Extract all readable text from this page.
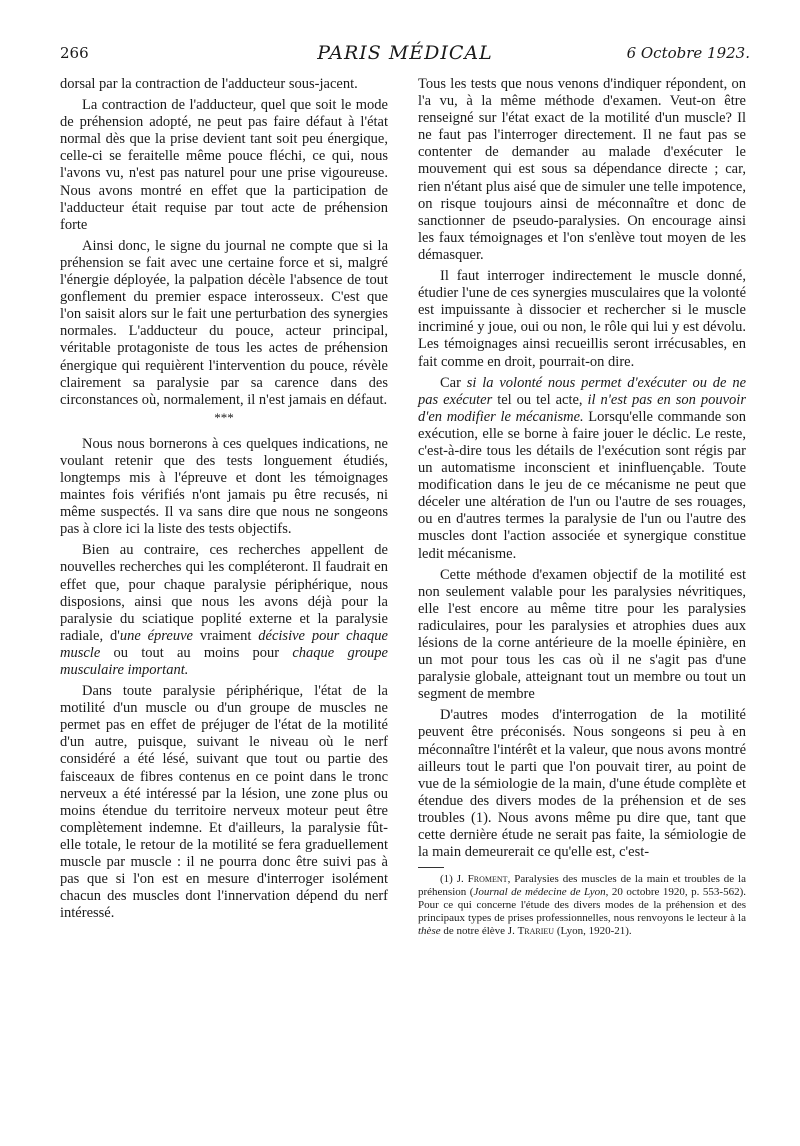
266	PARIS MÉDICAL	6 Octobre 1923.

dorsal par la contraction de l'adducteur sous-jacent.

La contraction de l'adducteur, quel que soit le mode de préhension adopté, ne peut pas faire défaut à l'état normal dès que la prise devient tant soit peu énergique, celle-ci se feraitelle même pouce fléchi, ce qui, nous l'avons vu, n'est pas naturel pour une prise vigoureuse. Nous avons montré en effet que la participation de l'adducteur était requise par tout acte de préhension forte

Ainsi donc, le signe du journal ne compte que si la préhension se fait avec une certaine force et si, malgré l'énergie déployée, la palpation décèle l'absence de tout gonflement du premier espace interosseux. C'est que l'on saisit alors sur le fait une perturbation des synergies normales. L'adducteur du pouce, acteur principal, véritable protagoniste de tous les actes de préhension énergique qui requièrent l'intervention du pouce, révèle clairement sa paralysie par sa carence dans des circonstances où, normalement, il n'est jamais en défaut.

***

Nous nous bornerons à ces quelques indications, ne voulant retenir que des tests longuement étudiés, longtemps mis à l'épreuve et dont les témoignages maintes fois vérifiés n'ont jamais pu être recusés, ni même suspectés. Il va sans dire que nous ne songeons pas à clore ici la liste des tests objectifs.

Bien au contraire, ces recherches appellent de nouvelles recherches qui les compléteront. Il faudrait en effet que, pour chaque paralysie périphérique, nous disposions, ainsi que nous les avons déjà pour la paralysie du sciatique poplité externe et la paralysie radiale, d'une épreuve vraiment décisive pour chaque muscle ou tout au moins pour chaque groupe musculaire important.

Dans toute paralysie périphérique, l'état de la motilité d'un muscle ou d'un groupe de muscles ne permet pas en effet de préjuger de l'état de la motilité d'un autre, puisque, suivant le niveau où le nerf considéré a été lésé, suivant que tout ou partie des faisceaux de fibres contenus en ce point dans le tronc nerveux a été intéressé par la lésion, une zone plus ou moins étendue du territoire nerveux moteur peut être complètement indemne. Et d'ailleurs, la paralysie fût-elle totale, le retour de la motilité se fera graduellement muscle par muscle : il ne pourra donc être suivi pas à pas que si l'on est en mesure d'interroger isolément chacun des muscles dont l'innervation dépend du nerf intéressé.

Tous les tests que nous venons d'indiquer répondent, on l'a vu, à la même méthode d'examen. Veut-on être renseigné sur l'état exact de la motilité d'un muscle? Il ne faut pas l'interroger directement. Il ne faut pas se contenter de demander au malade d'exécuter le mouvement qui est sous sa dépendance directe ; car, rien n'étant plus aisé que de simuler une telle impotence, on risque toujours ainsi de méconnaître et donc de sanctionner de pseudo-paralysies. On encourage ainsi les faux témoignages et l'on s'enlève tout moyen de les démasquer.

Il faut interroger indirectement le muscle donné, étudier l'une de ces synergies musculaires que la volonté est impuissante à dissocier et rechercher si le muscle incriminé y joue, oui ou non, le rôle qui lui y est dévolu. Les témoignages ainsi recueillis seront irrécusables, en fait comme en droit, pourrait-on dire.

Car si la volonté nous permet d'exécuter ou de ne pas exécuter tel ou tel acte, il n'est pas en son pouvoir d'en modifier le mécanisme. Lorsqu'elle commande son exécution, elle se borne à faire jouer le déclic. Le reste, c'est-à-dire tous les détails de l'exécution sont régis par un automatisme inconscient et ininfluençable. Toute modification dans le jeu de ce mécanisme ne peut que déceler une altération de l'un ou l'autre de ses rouages, ou en d'autres termes la paralysie de l'un ou l'autre des muscles dont l'action associée et synergique constitue ledit mécanisme.

Cette méthode d'examen objectif de la motilité est non seulement valable pour les paralysies névritiques, elle l'est encore au même titre pour les paralysies radiculaires, pour les paralysies et atrophies dues aux lésions de la corne antérieure de la moelle épinière, en un mot pour tous les cas où il ne s'agit pas d'une paralysie globale, atteignant tout un membre ou tout un segment de membre

D'autres modes d'interrogation de la motilité peuvent être préconisés. Nous songeons si peu à en méconnaître l'intérêt et la valeur, que nous avons montré ailleurs tout le parti que l'on pouvait tirer, au point de vue de la sémiologie de la main, d'une étude complète et étendue des divers modes de la préhension et de ses troubles (1). Nous avons même pu dire que, tant que cette dernière étude ne serait pas faite, la sémiologie de la main demeurerait ce qu'elle est, c'est-

(1) J. Froment, Paralysies des muscles de la main et troubles de la préhension (Journal de médecine de Lyon, 20 octobre 1920, p. 553-562). Pour ce qui concerne l'étude des divers modes de la préhension et des principaux types de prises professionnelles, nous renvoyons le lecteur à la thèse de notre élève J. Trarieu (Lyon, 1920-21).
